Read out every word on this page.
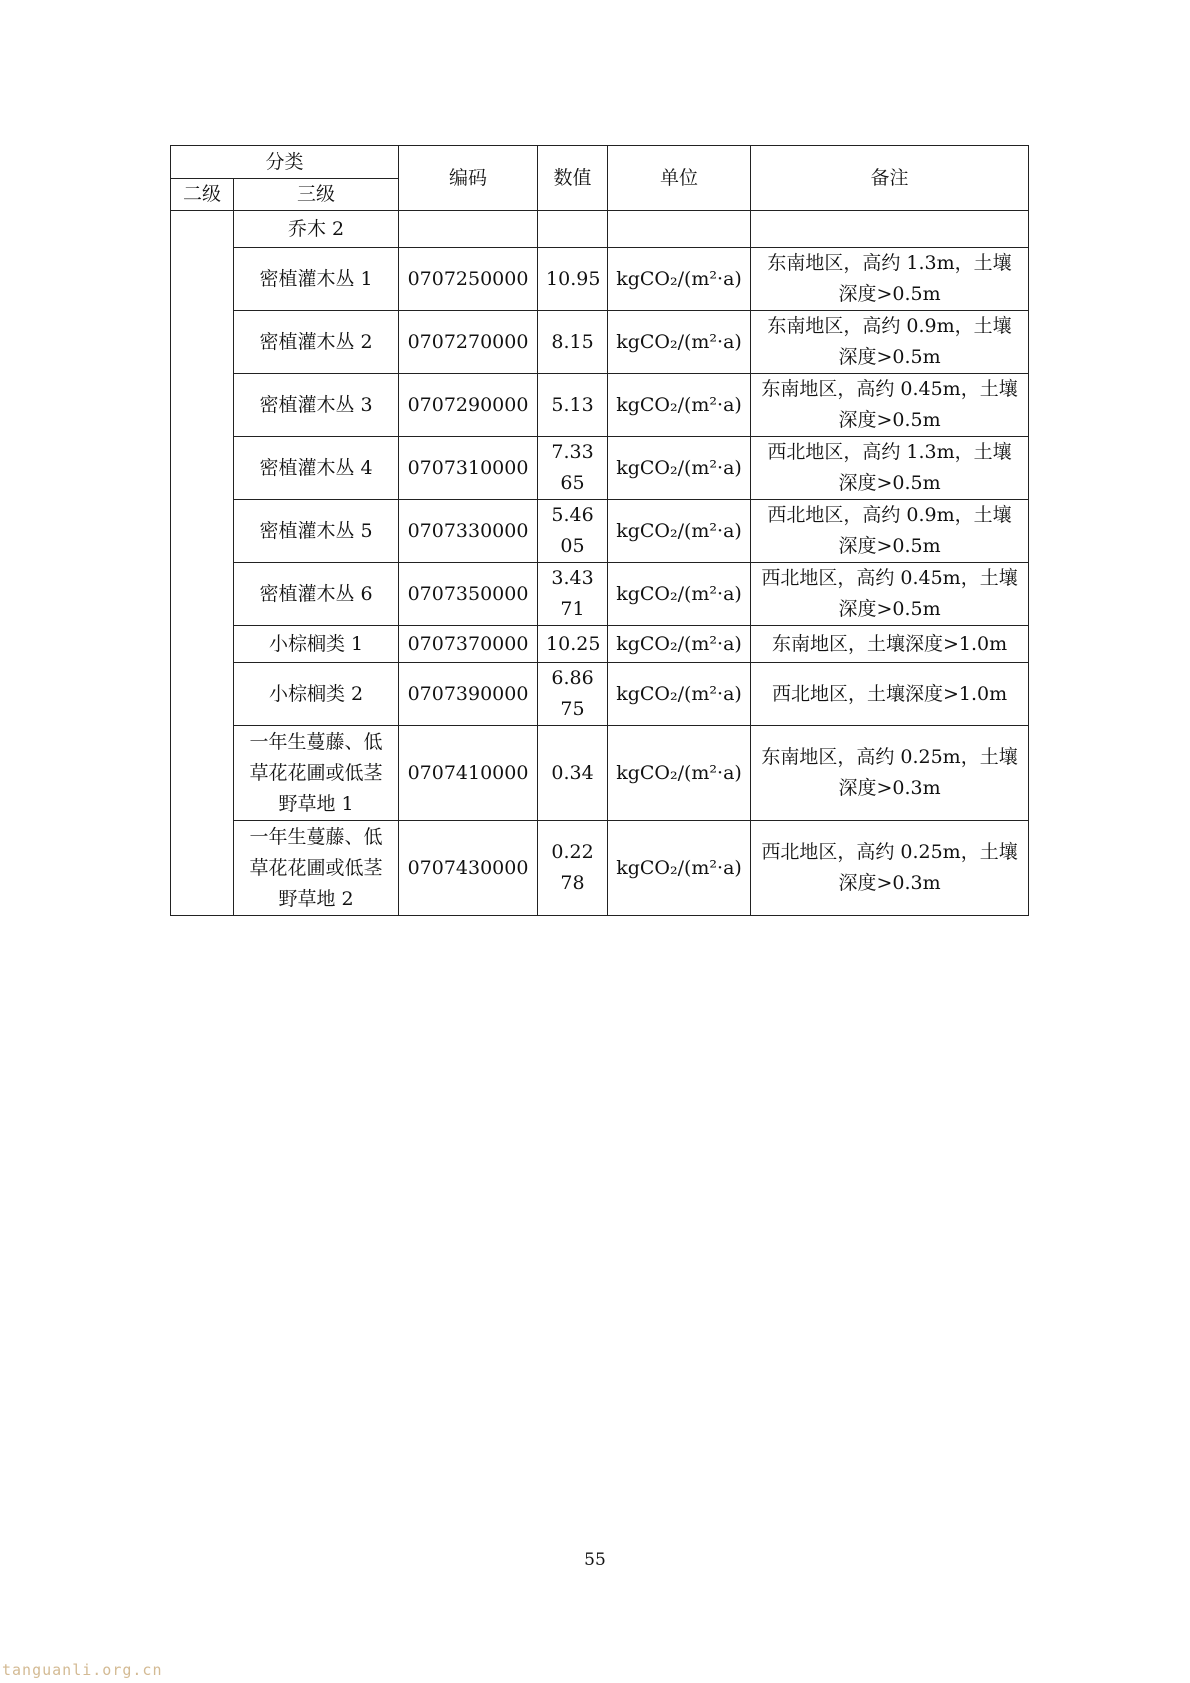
分类		编码	数值	单位	备注
二级	三级				
	乔木 2				
	密植灌木丛 1	0707250000	10.95	kgCO₂/(m²·a)	东南地区，高约 1.3m，土壤深度>0.5m
	密植灌木丛 2	0707270000	8.15	kgCO₂/(m²·a)	东南地区，高约 0.9m，土壤深度>0.5m
	密植灌木丛 3	0707290000	5.13	kgCO₂/(m²·a)	东南地区，高约 0.45m，土壤深度>0.5m
	密植灌木丛 4	0707310000	7.3365	kgCO₂/(m²·a)	西北地区，高约 1.3m，土壤深度>0.5m
	密植灌木丛 5	0707330000	5.4605	kgCO₂/(m²·a)	西北地区，高约 0.9m，土壤深度>0.5m
	密植灌木丛 6	0707350000	3.4371	kgCO₂/(m²·a)	西北地区，高约 0.45m，土壤深度>0.5m
	小棕榈类 1	0707370000	10.25	kgCO₂/(m²·a)	东南地区，土壤深度>1.0m
	小棕榈类 2	0707390000	6.8675	kgCO₂/(m²·a)	西北地区，土壤深度>1.0m
	一年生蔓藤、低草花花圃或低茎野草地 1	0707410000	0.34	kgCO₂/(m²·a)	东南地区，高约 0.25m，土壤深度>0.3m
	一年生蔓藤、低草花花圃或低茎野草地 2	0707430000	0.2278	kgCO₂/(m²·a)	西北地区，高约 0.25m，土壤深度>0.3m
55
tanguanli.org.cn
